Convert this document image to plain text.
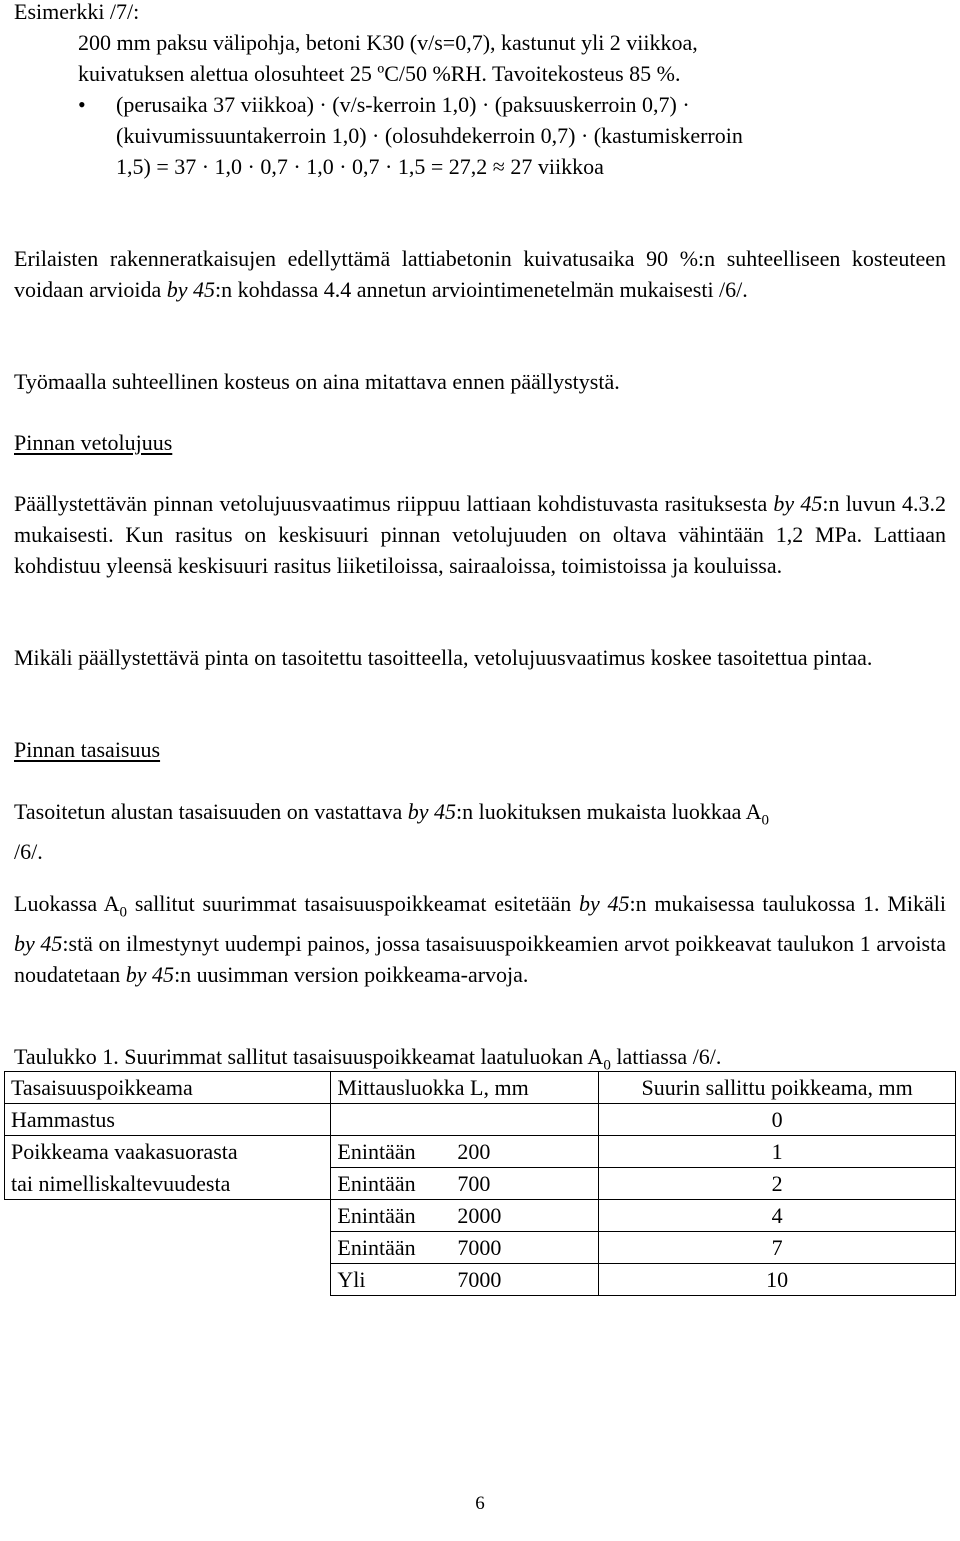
Esimerkki /7/:
200 mm paksu välipohja, betoni K30 (v/s=0,7), kastunut yli 2 viikkoa,
kuivatuksen alettua olosuhteet 25 ºC/50 %RH. Tavoitekosteus 85 %.
• (perusaika 37 viikkoa) · (v/s-kerroin 1,0) · (paksuuskerroin 0,7) ·
(kuivumissuuntakerroin 1,0) · (olosuhdekerroin 0,7) · (kastumiskerroin
1,5) = 37 · 1,0 · 0,7 · 1,0 · 0,7 · 1,5 = 27,2 ≈ 27 viikkoa
Erilaisten rakenneratkaisujen edellyttämä lattiabetonin kuivatusaika 90 %:n suhteelliseen kosteuteen voidaan arvioida by 45:n kohdassa 4.4 annetun arviointimenetelmän mukaisesti /6/.
Työmaalla suhteellinen kosteus on aina mitattava ennen päällystystä.
Pinnan vetolujuus
Päällystettävän pinnan vetolujuusvaatimus riippuu lattiaan kohdistuvasta rasituksesta by 45:n luvun 4.3.2 mukaisesti. Kun rasitus on keskisuuri pinnan vetolujuuden on oltava vähintään 1,2 MPa. Lattiaan kohdistuu yleensä keskisuuri rasitus liiketiloissa, sairaaloissa, toimistoissa ja kouluissa.
Mikäli päällystettävä pinta on tasoitettu tasoitteella, vetolujuusvaatimus koskee tasoitettua pintaa.
Pinnan tasaisuus
Tasoitetun alustan tasaisuuden on vastattava by 45:n luokituksen mukaista luokkaa $A_0$
/6/.
Luokassa $A_0$ sallitut suurimmat tasaisuuspoikkeamat esitetään by 45:n mukaisessa taulukossa 1. Mikäli by 45:stä on ilmestynyt uudempi painos, jossa tasaisuuspoikkeamien arvot poikkeavat taulukon 1 arvoista noudatetaan by 45:n uusimman version poikkeama-arvoja.
Taulukko 1. Suurimmat sallitut tasaisuuspoikkeamat laatuluokan $A_0$ lattiassa /6/.
Tasaisuuspoikkeama	Mittausluokka L, mm	Suurin sallittu poikkeama, mm
Hammastus		0
Poikkeama vaakasuorasta	Enintään 200	1
tai nimelliskaltevuudesta	Enintään 700	2
	Enintään 2000	4
	Enintään 7000	7
	Yli 7000	10
6
